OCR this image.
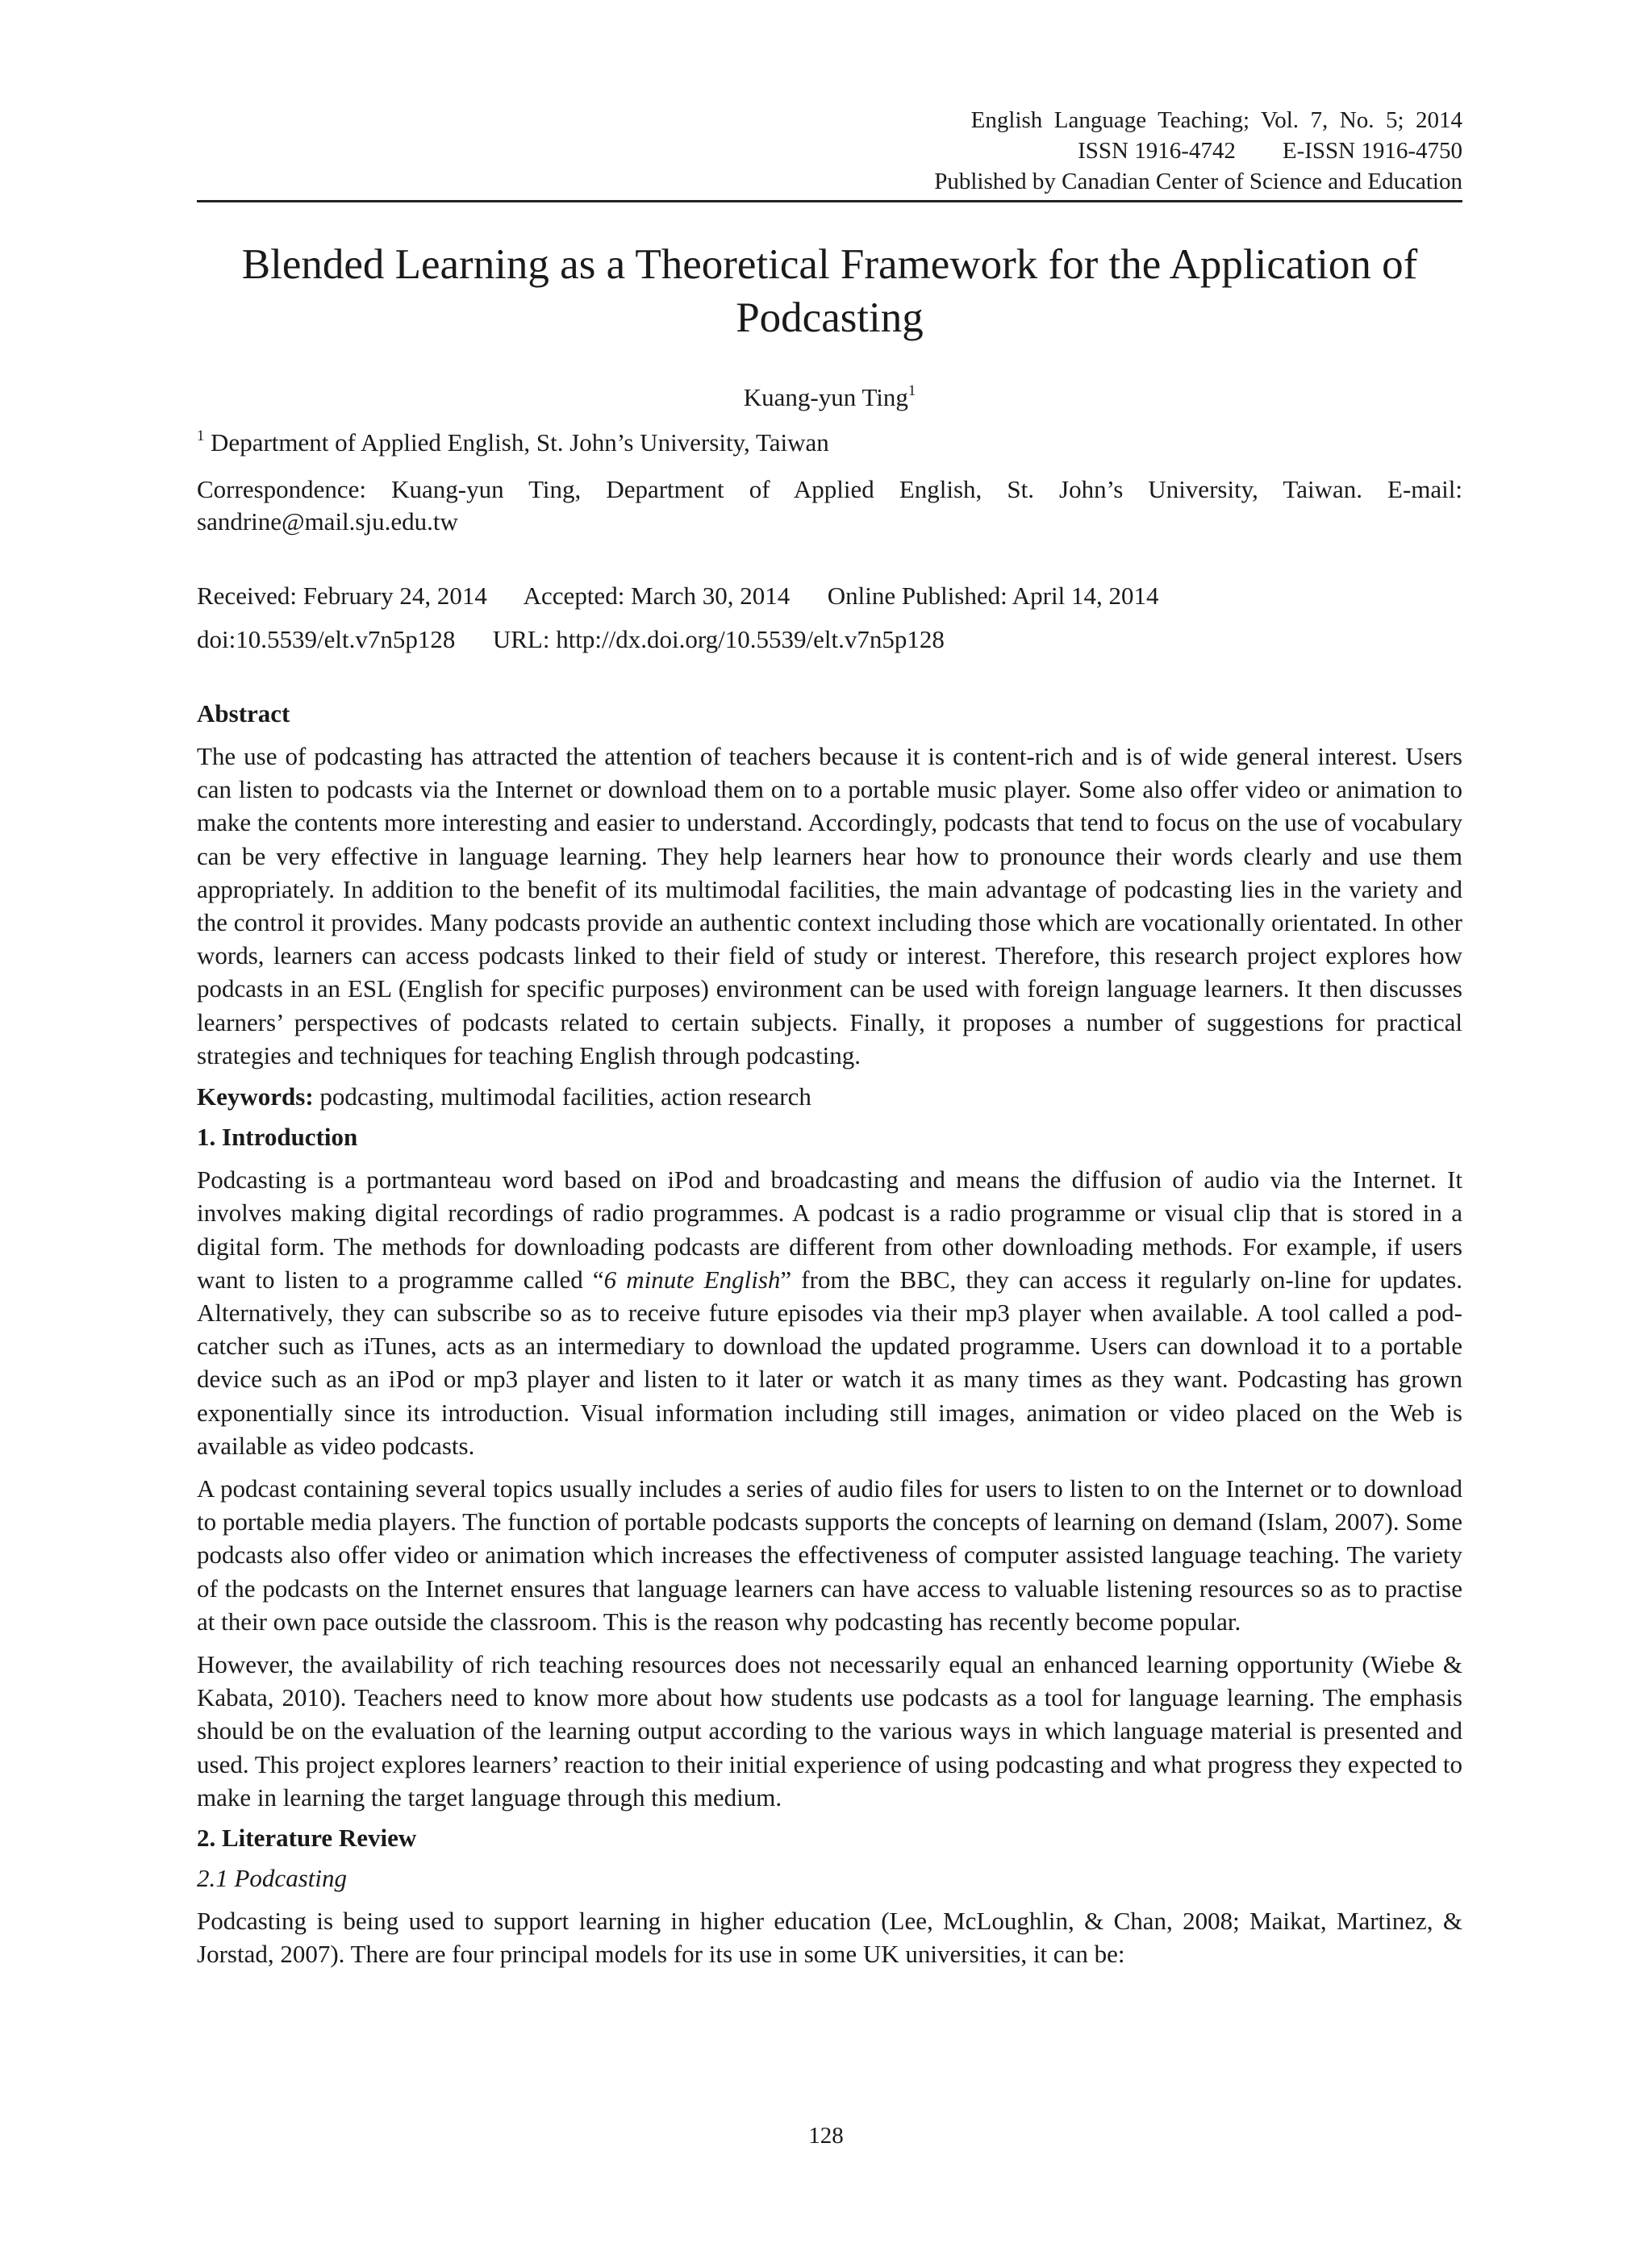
English  Language  Teaching;  Vol.  7,  No.  5;  2014
ISSN 1916-4742        E-ISSN 1916-4750
Published by Canadian Center of Science and Education
Blended Learning as a Theoretical Framework for the Application of
Podcasting
Kuang-yun Ting$^1$
$^1$ Department of Applied English, St. John’s University, Taiwan
Correspondence: Kuang-yun Ting, Department of Applied English, St. John’s University, Taiwan. E-mail: sandrine@mail.sju.edu.tw
Received: February 24, 2014 Accepted: March 30, 2014 Online Published: April 14, 2014
doi:10.5539/elt.v7n5p128 URL: http://dx.doi.org/10.5539/elt.v7n5p128
Abstract

The use of podcasting has attracted the attention of teachers because it is content-rich and is of wide general interest. Users can listen to podcasts via the Internet or download them on to a portable music player. Some also offer video or animation to make the contents more interesting and easier to understand. Accordingly, podcasts that tend to focus on the use of vocabulary can be very effective in language learning. They help learners hear how to pronounce their words clearly and use them appropriately. In addition to the benefit of its multimodal facilities, the main advantage of podcasting lies in the variety and the control it provides. Many podcasts provide an authentic context including those which are vocationally orientated. In other words, learners can access podcasts linked to their field of study or interest. Therefore, this research project explores how podcasts in an ESL (English for specific purposes) environment can be used with foreign language learners. It then discusses learners’ perspectives of podcasts related to certain subjects. Finally, it proposes a number of suggestions for practical strategies and techniques for teaching English through podcasting.

Keywords: podcasting, multimodal facilities, action research

1. Introduction

Podcasting is a portmanteau word based on iPod and broadcasting and means the diffusion of audio via the Internet. It involves making digital recordings of radio programmes. A podcast is a radio programme or visual clip that is stored in a digital form. The methods for downloading podcasts are different from other downloading methods. For example, if users want to listen to a programme called “6 minute English” from the BBC, they can access it regularly on-line for updates. Alternatively, they can subscribe so as to receive future episodes via their mp3 player when available. A tool called a pod-catcher such as iTunes, acts as an intermediary to download the updated programme. Users can download it to a portable device such as an iPod or mp3 player and listen to it later or watch it as many times as they want. Podcasting has grown exponentially since its introduction. Visual information including still images, animation or video placed on the Web is available as video podcasts.

A podcast containing several topics usually includes a series of audio files for users to listen to on the Internet or to download to portable media players. The function of portable podcasts supports the concepts of learning on demand (Islam, 2007). Some podcasts also offer video or animation which increases the effectiveness of computer assisted language teaching. The variety of the podcasts on the Internet ensures that language learners can have access to valuable listening resources so as to practise at their own pace outside the classroom. This is the reason why podcasting has recently become popular.

However, the availability of rich teaching resources does not necessarily equal an enhanced learning opportunity (Wiebe & Kabata, 2010). Teachers need to know more about how students use podcasts as a tool for language learning. The emphasis should be on the evaluation of the learning output according to the various ways in which language material is presented and used. This project explores learners’ reaction to their initial experience of using podcasting and what progress they expected to make in learning the target language through this medium.

2. Literature Review
2.1 Podcasting

Podcasting is being used to support learning in higher education (Lee, McLoughlin, & Chan, 2008; Maikat, Martinez, & Jorstad, 2007). There are four principal models for its use in some UK universities, it can be:

128
